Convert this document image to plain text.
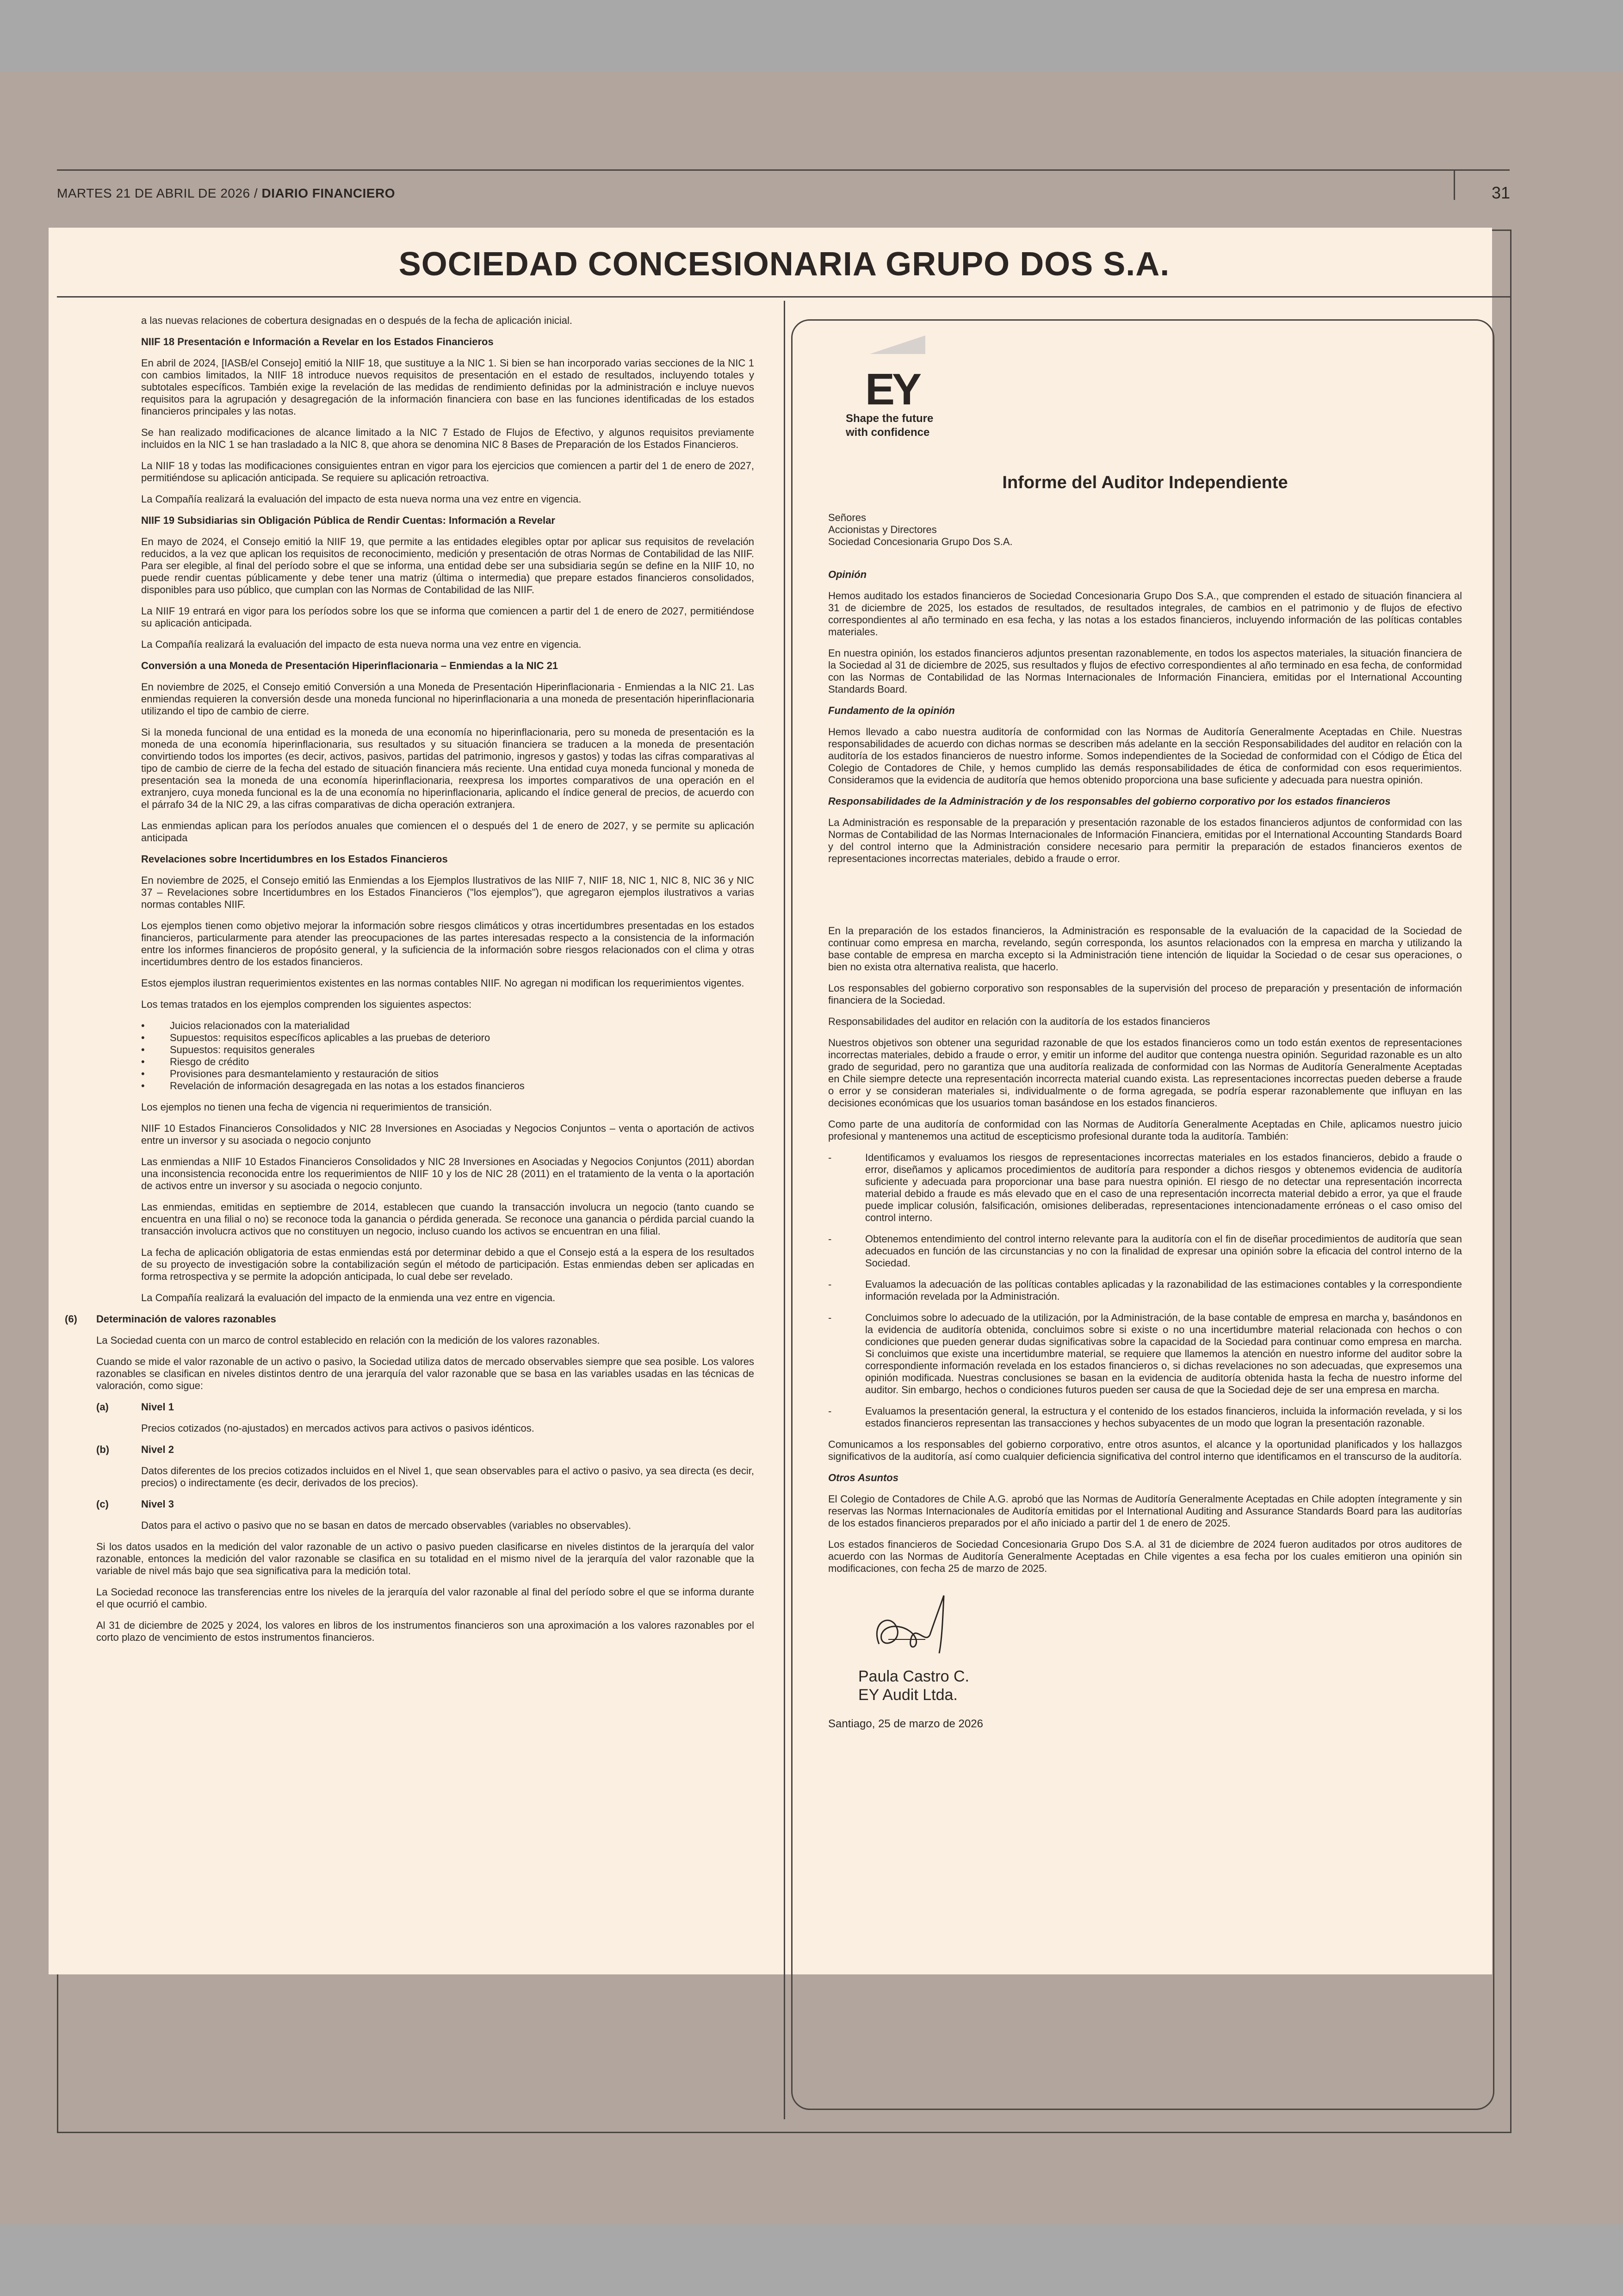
MARTES 21 DE ABRIL DE 2026 / DIARIO FINANCIERO	31
SOCIEDAD CONCESIONARIA GRUPO DOS S.A.

a las nuevas relaciones de cobertura designadas en o después de la fecha de aplicación inicial.

NIIF 18 Presentación e Información a Revelar en los Estados Financieros

En abril de 2024, [IASB/el Consejo] emitió la NIIF 18, que sustituye a la NIC 1. Si bien se han incorporado varias secciones de la NIC 1 con cambios limitados, la NIIF 18 introduce nuevos requisitos de presentación en el estado de resultados, incluyendo totales y subtotales específicos. También exige la revelación de las medidas de rendimiento definidas por la administración e incluye nuevos requisitos para la agrupación y desagregación de la información financiera con base en las funciones identificadas de los estados financieros principales y las notas.

Se han realizado modificaciones de alcance limitado a la NIC 7 Estado de Flujos de Efectivo, y algunos requisitos previamente incluidos en la NIC 1 se han trasladado a la NIC 8, que ahora se denomina NIC 8 Bases de Preparación de los Estados Financieros.

La NIIF 18 y todas las modificaciones consiguientes entran en vigor para los ejercicios que comiencen a partir del 1 de enero de 2027, permitiéndose su aplicación anticipada. Se requiere su aplicación retroactiva.

La Compañía realizará la evaluación del impacto de esta nueva norma una vez entre en vigencia.

NIIF 19 Subsidiarias sin Obligación Pública de Rendir Cuentas: Información a Revelar

En mayo de 2024, el Consejo emitió la NIIF 19, que permite a las entidades elegibles optar por aplicar sus requisitos de revelación reducidos, a la vez que aplican los requisitos de reconocimiento, medición y presentación de otras Normas de Contabilidad de las NIIF. Para ser elegible, al final del período sobre el que se informa, una entidad debe ser una subsidiaria según se define en la NIIF 10, no puede rendir cuentas públicamente y debe tener una matriz (última o intermedia) que prepare estados financieros consolidados, disponibles para uso público, que cumplan con las Normas de Contabilidad de las NIIF.

La NIIF 19 entrará en vigor para los períodos sobre los que se informa que comiencen a partir del 1 de enero de 2027, permitiéndose su aplicación anticipada.

La Compañía realizará la evaluación del impacto de esta nueva norma una vez entre en vigencia.

Conversión a una Moneda de Presentación Hiperinflacionaria – Enmiendas a la NIC 21

En noviembre de 2025, el Consejo emitió Conversión a una Moneda de Presentación Hiperinflacionaria - Enmiendas a la NIC 21. Las enmiendas requieren la conversión desde una moneda funcional no hiperinflacionaria a una moneda de presentación hiperinflacionaria utilizando el tipo de cambio de cierre.

Si la moneda funcional de una entidad es la moneda de una economía no hiperinflacionaria, pero su moneda de presentación es la moneda de una economía hiperinflacionaria, sus resultados y su situación financiera se traducen a la moneda de presentación convirtiendo todos los importes (es decir, activos, pasivos, partidas del patrimonio, ingresos y gastos) y todas las cifras comparativas al tipo de cambio de cierre de la fecha del estado de situación financiera más reciente. Una entidad cuya moneda funcional y moneda de presentación sea la moneda de una economía hiperinflacionaria, reexpresa los importes comparativos de una operación en el extranjero, cuya moneda funcional es la de una economía no hiperinflacionaria, aplicando el índice general de precios, de acuerdo con el párrafo 34 de la NIC 29, a las cifras comparativas de dicha operación extranjera.

Las enmiendas aplican para los períodos anuales que comiencen el o después del 1 de enero de 2027, y se permite su aplicación anticipada

Revelaciones sobre Incertidumbres en los Estados Financieros

En noviembre de 2025, el Consejo emitió las Enmiendas a los Ejemplos Ilustrativos de las NIIF 7, NIIF 18, NIC 1, NIC 8, NIC 36 y NIC 37 – Revelaciones sobre Incertidumbres en los Estados Financieros ("los ejemplos"), que agregaron ejemplos ilustrativos a varias normas contables NIIF.

Los ejemplos tienen como objetivo mejorar la información sobre riesgos climáticos y otras incertidumbres presentadas en los estados financieros, particularmente para atender las preocupaciones de las partes interesadas respecto a la consistencia de la información entre los informes financieros de propósito general, y la suficiencia de la información sobre riesgos relacionados con el clima y otras incertidumbres dentro de los estados financieros.

Estos ejemplos ilustran requerimientos existentes en las normas contables NIIF. No agregan ni modifican los requerimientos vigentes.

Los temas tratados en los ejemplos comprenden los siguientes aspectos:

• Juicios relacionados con la materialidad
• Supuestos: requisitos específicos aplicables a las pruebas de deterioro
• Supuestos: requisitos generales
• Riesgo de crédito
• Provisiones para desmantelamiento y restauración de sitios
• Revelación de información desagregada en las notas a los estados financieros

Los ejemplos no tienen una fecha de vigencia ni requerimientos de transición.

NIIF 10 Estados Financieros Consolidados y NIC 28 Inversiones en Asociadas y Negocios Conjuntos – venta o aportación de activos entre un inversor y su asociada o negocio conjunto

Las enmiendas a NIIF 10 Estados Financieros Consolidados y NIC 28 Inversiones en Asociadas y Negocios Conjuntos (2011) abordan una inconsistencia reconocida entre los requerimientos de NIIF 10 y los de NIC 28 (2011) en el tratamiento de la venta o la aportación de activos entre un inversor y su asociada o negocio conjunto.

Las enmiendas, emitidas en septiembre de 2014, establecen que cuando la transacción involucra un negocio (tanto cuando se encuentra en una filial o no) se reconoce toda la ganancia o pérdida generada. Se reconoce una ganancia o pérdida parcial cuando la transacción involucra activos que no constituyen un negocio, incluso cuando los activos se encuentran en una filial.

La fecha de aplicación obligatoria de estas enmiendas está por determinar debido a que el Consejo está a la espera de los resultados de su proyecto de investigación sobre la contabilización según el método de participación. Estas enmiendas deben ser aplicadas en forma retrospectiva y se permite la adopción anticipada, lo cual debe ser revelado.

La Compañía realizará la evaluación del impacto de la enmienda una vez entre en vigencia.

(6)	Determinación de valores razonables

La Sociedad cuenta con un marco de control establecido en relación con la medición de los valores razonables.

Cuando se mide el valor razonable de un activo o pasivo, la Sociedad utiliza datos de mercado observables siempre que sea posible. Los valores razonables se clasifican en niveles distintos dentro de una jerarquía del valor razonable que se basa en las variables usadas en las técnicas de valoración, como sigue:

(a)	Nivel 1

Precios cotizados (no-ajustados) en mercados activos para activos o pasivos idénticos.

(b)	Nivel 2

Datos diferentes de los precios cotizados incluidos en el Nivel 1, que sean observables para el activo o pasivo, ya sea directa (es decir, precios) o indirectamente (es decir, derivados de los precios).

(c)	Nivel 3

Datos para el activo o pasivo que no se basan en datos de mercado observables (variables no observables).

Si los datos usados en la medición del valor razonable de un activo o pasivo pueden clasificarse en niveles distintos de la jerarquía del valor razonable, entonces la medición del valor razonable se clasifica en su totalidad en el mismo nivel de la jerarquía del valor razonable que la variable de nivel más bajo que sea significativa para la medición total.

La Sociedad reconoce las transferencias entre los niveles de la jerarquía del valor razonable al final del período sobre el que se informa durante el que ocurrió el cambio.

Al 31 de diciembre de 2025 y 2024, los valores en libros de los instrumentos financieros son una aproximación a los valores razonables por el corto plazo de vencimiento de estos instrumentos financieros.

EY
Shape the future
with confidence
Informe del Auditor Independiente

Señores

Accionistas y Directores

Sociedad Concesionaria Grupo Dos S.A.

Opinión

Hemos auditado los estados financieros de Sociedad Concesionaria Grupo Dos S.A., que comprenden el estado de situación financiera al 31 de diciembre de 2025, los estados de resultados, de resultados integrales, de cambios en el patrimonio y de flujos de efectivo correspondientes al año terminado en esa fecha, y las notas a los estados financieros, incluyendo información de las políticas contables materiales.

En nuestra opinión, los estados financieros adjuntos presentan razonablemente, en todos los aspectos materiales, la situación financiera de la Sociedad al 31 de diciembre de 2025, sus resultados y flujos de efectivo correspondientes al año terminado en esa fecha, de conformidad con las Normas de Contabilidad de las Normas Internacionales de Información Financiera, emitidas por el International Accounting Standards Board.

Fundamento de la opinión

Hemos llevado a cabo nuestra auditoría de conformidad con las Normas de Auditoría Generalmente Aceptadas en Chile. Nuestras responsabilidades de acuerdo con dichas normas se describen más adelante en la sección Responsabilidades del auditor en relación con la auditoría de los estados financieros de nuestro informe. Somos independientes de la Sociedad de conformidad con el Código de Ética del Colegio de Contadores de Chile, y hemos cumplido las demás responsabilidades de ética de conformidad con esos requerimientos. Consideramos que la evidencia de auditoría que hemos obtenido proporciona una base suficiente y adecuada para nuestra opinión.

Responsabilidades de la Administración y de los responsables del gobierno corporativo por los estados financieros

La Administración es responsable de la preparación y presentación razonable de los estados financieros adjuntos de conformidad con las Normas de Contabilidad de las Normas Internacionales de Información Financiera, emitidas por el International Accounting Standards Board y del control interno que la Administración considere necesario para permitir la preparación de estados financieros exentos de representaciones incorrectas materiales, debido a fraude o error.

En la preparación de los estados financieros, la Administración es responsable de la evaluación de la capacidad de la Sociedad de continuar como empresa en marcha, revelando, según corresponda, los asuntos relacionados con la empresa en marcha y utilizando la base contable de empresa en marcha excepto si la Administración tiene intención de liquidar la Sociedad o de cesar sus operaciones, o bien no exista otra alternativa realista, que hacerlo.

Los responsables del gobierno corporativo son responsables de la supervisión del proceso de preparación y presentación de información financiera de la Sociedad.

Responsabilidades del auditor en relación con la auditoría de los estados financieros

Nuestros objetivos son obtener una seguridad razonable de que los estados financieros como un todo están exentos de representaciones incorrectas materiales, debido a fraude o error, y emitir un informe del auditor que contenga nuestra opinión. Seguridad razonable es un alto grado de seguridad, pero no garantiza que una auditoría realizada de conformidad con las Normas de Auditoría Generalmente Aceptadas en Chile siempre detecte una representación incorrecta material cuando exista. Las representaciones incorrectas pueden deberse a fraude o error y se consideran materiales si, individualmente o de forma agregada, se podría esperar razonablemente que influyan en las decisiones económicas que los usuarios toman basándose en los estados financieros.

Como parte de una auditoría de conformidad con las Normas de Auditoría Generalmente Aceptadas en Chile, aplicamos nuestro juicio profesional y mantenemos una actitud de escepticismo profesional durante toda la auditoría. También:

-	Identificamos y evaluamos los riesgos de representaciones incorrectas materiales en los estados financieros, debido a fraude o error, diseñamos y aplicamos procedimientos de auditoría para responder a dichos riesgos y obtenemos evidencia de auditoría suficiente y adecuada para proporcionar una base para nuestra opinión. El riesgo de no detectar una representación incorrecta material debido a fraude es más elevado que en el caso de una representación incorrecta material debido a error, ya que el fraude puede implicar colusión, falsificación, omisiones deliberadas, representaciones intencionadamente erróneas o el caso omiso del control interno.
-	Obtenemos entendimiento del control interno relevante para la auditoría con el fin de diseñar procedimientos de auditoría que sean adecuados en función de las circunstancias y no con la finalidad de expresar una opinión sobre la eficacia del control interno de la Sociedad.
-	Evaluamos la adecuación de las políticas contables aplicadas y la razonabilidad de las estimaciones contables y la correspondiente información revelada por la Administración.
-	Concluimos sobre lo adecuado de la utilización, por la Administración, de la base contable de empresa en marcha y, basándonos en la evidencia de auditoría obtenida, concluimos sobre si existe o no una incertidumbre material relacionada con hechos o con condiciones que pueden generar dudas significativas sobre la capacidad de la Sociedad para continuar como empresa en marcha. Si concluimos que existe una incertidumbre material, se requiere que llamemos la atención en nuestro informe del auditor sobre la correspondiente información revelada en los estados financieros o, si dichas revelaciones no son adecuadas, que expresemos una opinión modificada. Nuestras conclusiones se basan en la evidencia de auditoría obtenida hasta la fecha de nuestro informe del auditor. Sin embargo, hechos o condiciones futuros pueden ser causa de que la Sociedad deje de ser una empresa en marcha.
-	Evaluamos la presentación general, la estructura y el contenido de los estados financieros, incluida la información revelada, y si los estados financieros representan las transacciones y hechos subyacentes de un modo que logran la presentación razonable.

Comunicamos a los responsables del gobierno corporativo, entre otros asuntos, el alcance y la oportunidad planificados y los hallazgos significativos de la auditoría, así como cualquier deficiencia significativa del control interno que identificamos en el transcurso de la auditoría.

Otros Asuntos

El Colegio de Contadores de Chile A.G. aprobó que las Normas de Auditoría Generalmente Aceptadas en Chile adopten íntegramente y sin reservas las Normas Internacionales de Auditoría emitidas por el International Auditing and Assurance Standards Board para las auditorías de los estados financieros preparados por el año iniciado a partir del 1 de enero de 2025.

Los estados financieros de Sociedad Concesionaria Grupo Dos S.A. al 31 de diciembre de 2024 fueron auditados por otros auditores de acuerdo con las Normas de Auditoría Generalmente Aceptadas en Chile vigentes a esa fecha por los cuales emitieron una opinión sin modificaciones, con fecha 25 de marzo de 2025.

Paula Castro C.
EY Audit Ltda.

Santiago, 25 de marzo de 2026
